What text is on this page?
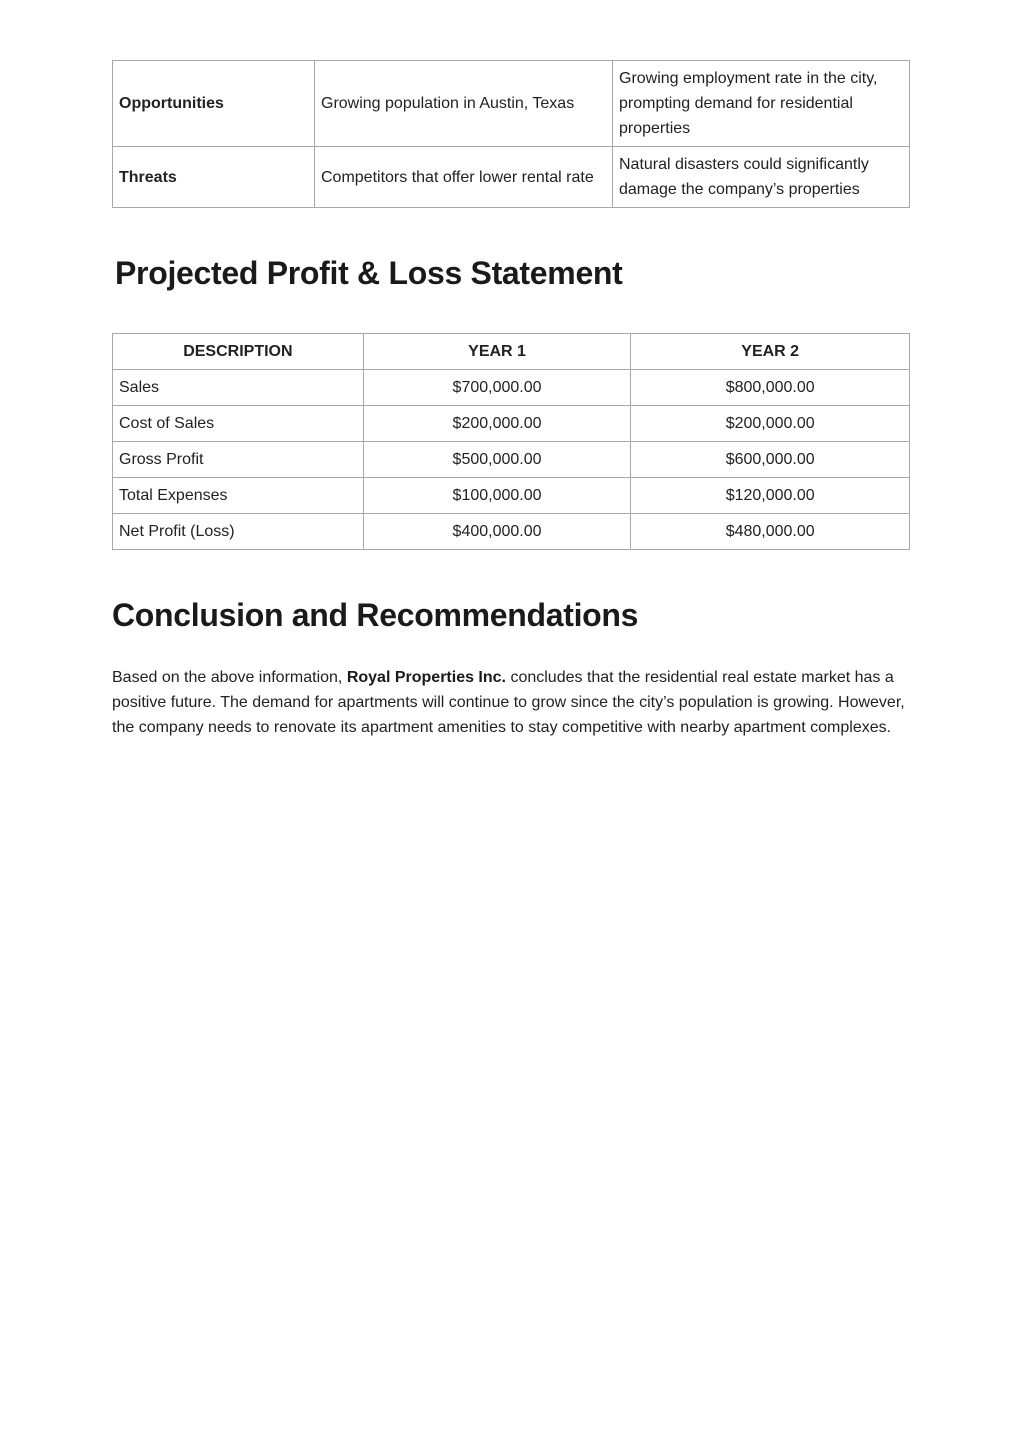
Opportunities	Growing population in Austin, Texas	Growing employment rate in the city, prompting demand for residential properties
Threats	Competitors that offer lower rental rate	Natural disasters could significantly damage the company’s properties
Projected Profit & Loss Statement
DESCRIPTION	YEAR 1	YEAR 2
Sales	$700,000.00	$800,000.00
Cost of Sales	$200,000.00	$200,000.00
Gross Profit	$500,000.00	$600,000.00
Total Expenses	$100,000.00	$120,000.00
Net Profit (Loss)	$400,000.00	$480,000.00
Conclusion and Recommendations

Based on the above information, Royal Properties Inc. concludes that the residential real estate market has a positive future. The demand for apartments will continue to grow since the city’s population is growing. However, the company needs to renovate its apartment amenities to stay competitive with nearby apartment complexes.
